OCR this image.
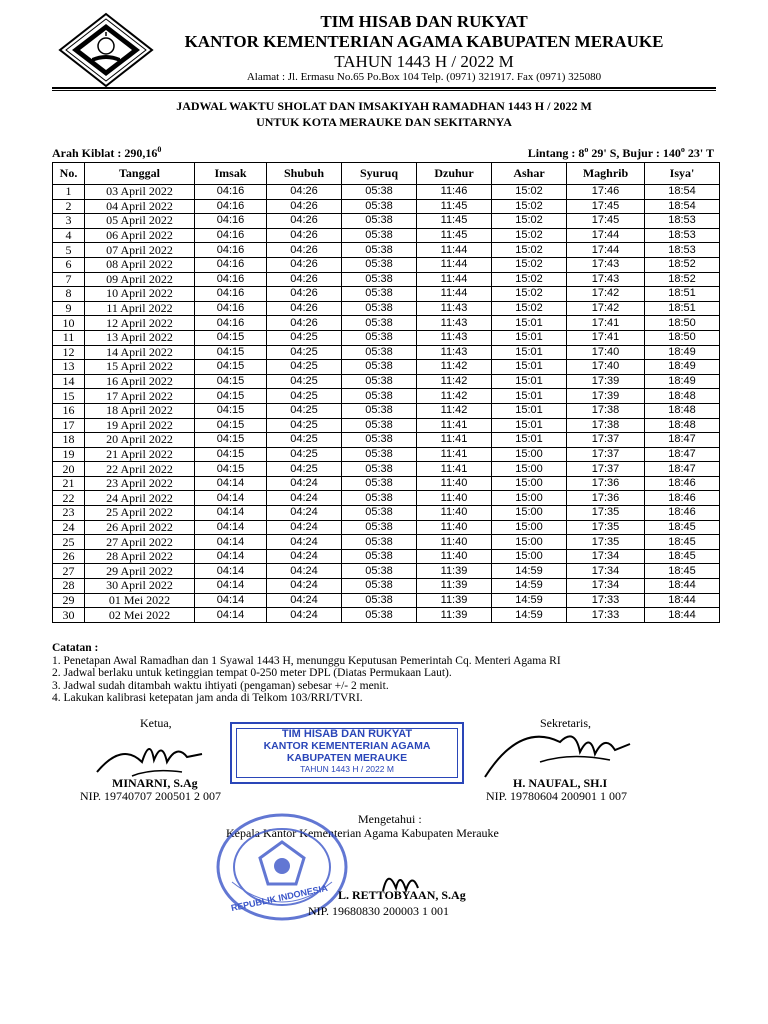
TIM HISAB DAN RUKYAT
KANTOR KEMENTERIAN AGAMA KABUPATEN MERAUKE
TAHUN 1443 H / 2022 M
Alamat : Jl. Ermasu No.65 Po.Box 104 Telp. (0971) 321917. Fax (0971) 325080
JADWAL WAKTU SHOLAT DAN IMSAKIYAH RAMADHAN 1443 H / 2022 M
UNTUK KOTA MERAUKE DAN SEKITARNYA
Arah Kiblat : 290,16$^0$	Lintang : 8$^o$ 29' S, Bujur : 140$^o$ 23' T
No.	Tanggal	Imsak	Shubuh	Syuruq	Dzuhur	Ashar	Maghrib	Isya'
1	03 April 2022	04:16	04:26	05:38	11:46	15:02	17:46	18:54
2	04 April 2022	04:16	04:26	05:38	11:45	15:02	17:45	18:54
3	05 April 2022	04:16	04:26	05:38	11:45	15:02	17:45	18:53
4	06 April 2022	04:16	04:26	05:38	11:45	15:02	17:44	18:53
5	07 April 2022	04:16	04:26	05:38	11:44	15:02	17:44	18:53
6	08 April 2022	04:16	04:26	05:38	11:44	15:02	17:43	18:52
7	09 April 2022	04:16	04:26	05:38	11:44	15:02	17:43	18:52
8	10 April 2022	04:16	04:26	05:38	11:44	15:02	17:42	18:51
9	11 April 2022	04:16	04:26	05:38	11:43	15:02	17:42	18:51
10	12 April 2022	04:16	04:26	05:38	11:43	15:01	17:41	18:50
11	13 April 2022	04:15	04:25	05:38	11:43	15:01	17:41	18:50
12	14 April 2022	04:15	04:25	05:38	11:43	15:01	17:40	18:49
13	15 April 2022	04:15	04:25	05:38	11:42	15:01	17:40	18:49
14	16 April 2022	04:15	04:25	05:38	11:42	15:01	17:39	18:49
15	17 April 2022	04:15	04:25	05:38	11:42	15:01	17:39	18:48
16	18 April 2022	04:15	04:25	05:38	11:42	15:01	17:38	18:48
17	19 April 2022	04:15	04:25	05:38	11:41	15:01	17:38	18:48
18	20 April 2022	04:15	04:25	05:38	11:41	15:01	17:37	18:47
19	21 April 2022	04:15	04:25	05:38	11:41	15:00	17:37	18:47
20	22 April 2022	04:15	04:25	05:38	11:41	15:00	17:37	18:47
21	23 April 2022	04:14	04:24	05:38	11:40	15:00	17:36	18:46
22	24 April 2022	04:14	04:24	05:38	11:40	15:00	17:36	18:46
23	25 April 2022	04:14	04:24	05:38	11:40	15:00	17:35	18:46
24	26 April 2022	04:14	04:24	05:38	11:40	15:00	17:35	18:45
25	27 April 2022	04:14	04:24	05:38	11:40	15:00	17:35	18:45
26	28 April 2022	04:14	04:24	05:38	11:40	15:00	17:34	18:45
27	29 April 2022	04:14	04:24	05:38	11:39	14:59	17:34	18:45
28	30 April 2022	04:14	04:24	05:38	11:39	14:59	17:34	18:44
29	01 Mei 2022	04:14	04:24	05:38	11:39	14:59	17:33	18:44
30	02 Mei 2022	04:14	04:24	05:38	11:39	14:59	17:33	18:44
Catatan :
1. Penetapan Awal Ramadhan dan 1 Syawal 1443 H, menunggu Keputusan Pemerintah Cq. Menteri Agama RI
2. Jadwal berlaku untuk ketinggian tempat 0-250 meter DPL (Diatas Permukaan Laut).
3. Jadwal sudah ditambah waktu ihtiyati (pengaman) sebesar +/- 2 menit.
4. Lakukan kalibrasi ketepatan jam anda di Telkom 103/RRI/TVRI.
Ketua,
MINARNI, S.Ag
NIP. 19740707 200501 2 007
Sekretaris,
H. NAUFAL, SH.I
NIP. 19780604 200901 1 007
TIM HISAB DAN RUKYAT
KANTOR KEMENTERIAN AGAMA
KABUPATEN MERAUKE
TAHUN 1443 H / 2022 M
Mengetahui :
Kepala Kantor Kementerian Agama Kabupaten Merauke
REPUBLIK INDONESIA L. RETTOBYAAN, S.Ag
NIP. 19680830 200003 1 001
